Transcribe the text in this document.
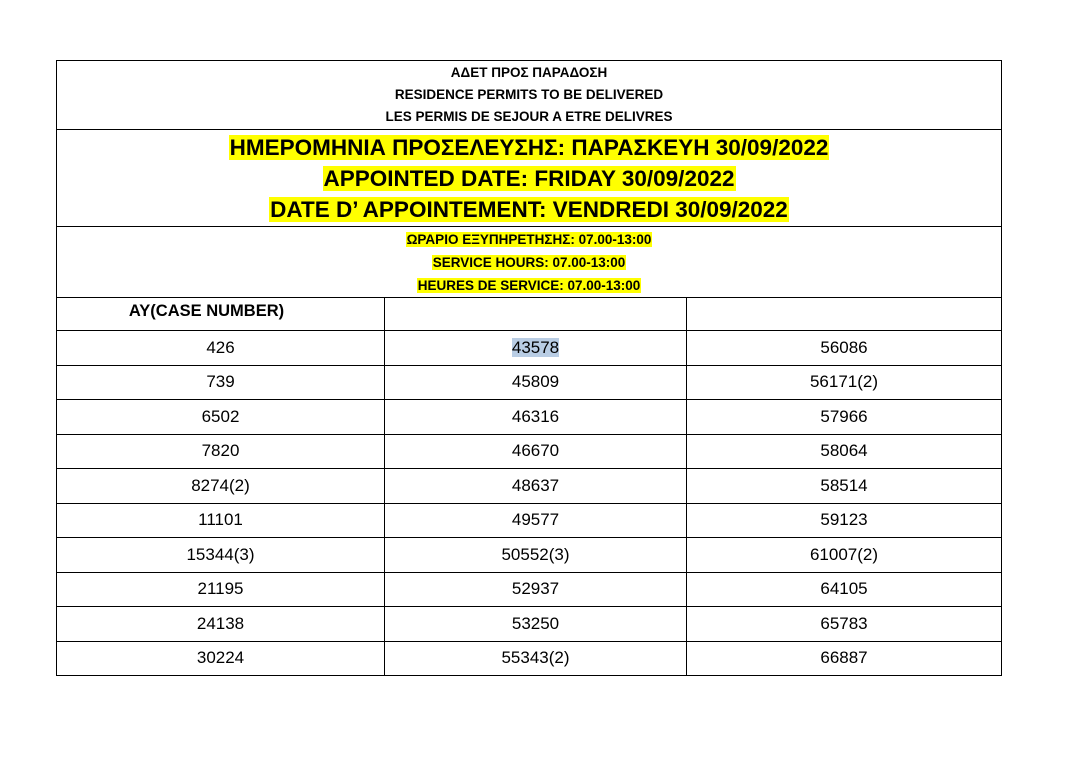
ΑΔΕΤ ΠΡΟΣ ΠΑΡΑΔΟΣΗ
RESIDENCE PERMITS TO BE DELIVERED
LES PERMIS DE SEJOUR A ETRE DELIVRES		

ΗΜΕΡΟΜΗΝΙΑ ΠΡΟΣΕΛΕΥΣΗΣ: ΠΑΡΑΣΚΕΥΗ 30/09/2022
APPOINTED DATE: FRIDAY 30/09/2022
DATE D’ APPOINTEMENT: VENDREDI 30/09/2022		

ΩΡΑΡΙΟ ΕΞΥΠΗΡΕΤΗΣΗΣ: 07.00-13:00
SERVICE HOURS: 07.00-13:00
HEURES DE SERVICE: 07.00-13:00		

ΑΥ(CASE NUMBER)		
426	43578	56086
739	45809	56171(2)
6502	46316	57966
7820	46670	58064
8274(2)	48637	58514
11101	49577	59123
15344(3)	50552(3)	61007(2)
21195	52937	64105
24138	53250	65783
30224	55343(2)	66887
